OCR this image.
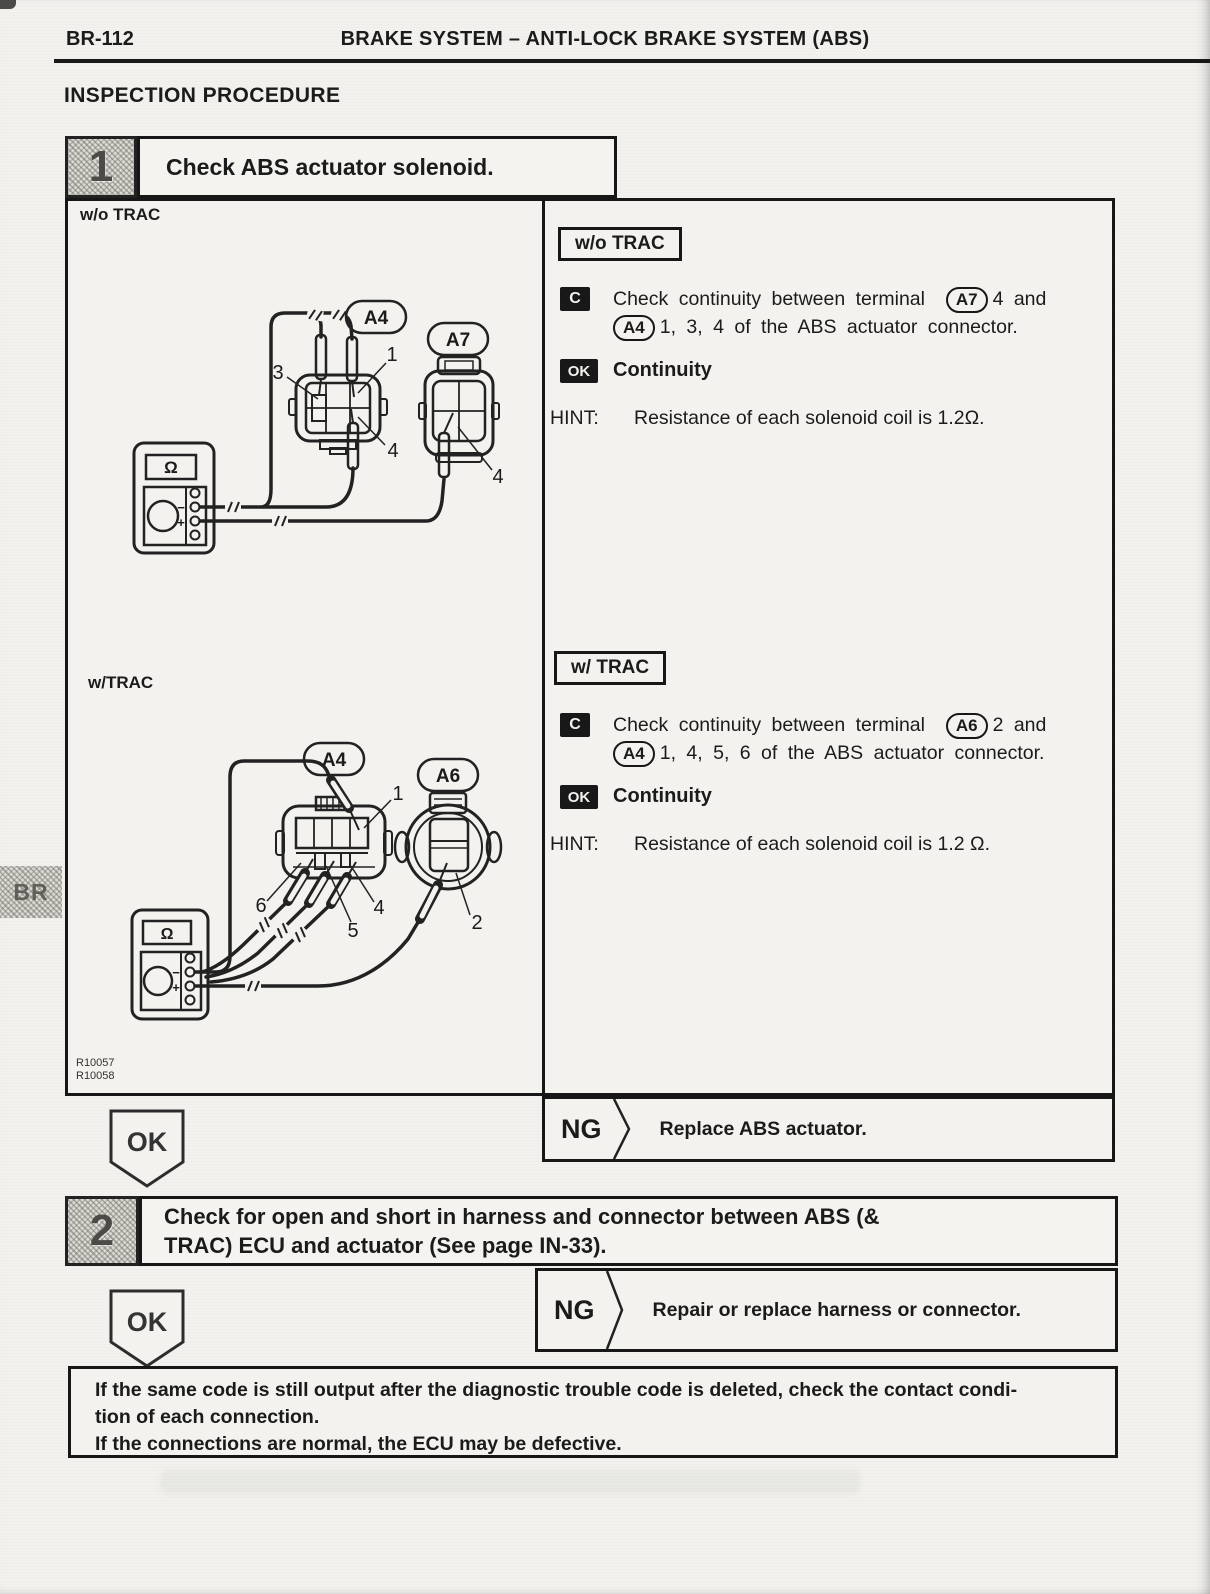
BR-112	BRAKE SYSTEM – ANTI-LOCK BRAKE SYSTEM (ABS)
INSPECTION PROCEDURE
1	Check ABS actuator solenoid.
w/o TRAC
Ω
−
+
A4
A7
3
1
4
4
w/TRAC
Ω
−
+
A4
A6
1
6
5
4
2
R10057
R10058
w/o TRAC
C Check continuity between terminal A7 4 and
A4 1, 3, 4 of the ABS actuator connector.
OK Continuity
HINT: Resistance of each solenoid coil is 1.2Ω.
w/ TRAC
C Check continuity between terminal A6 2 and
A4 1, 4, 5, 6 of the ABS actuator connector.
OK Continuity
HINT: Resistance of each solenoid coil is 1.2 Ω.
NG	Replace ABS actuator.
OK
2 Check for open and short in harness and connector between ABS (&
TRAC) ECU and actuator (See page IN-33).
NG	Repair or replace harness or connector.
OK
If the same code is still output after the diagnostic trouble code is deleted, check the contact condi-
tion of each connection.
If the connections are normal, the ECU may be defective.
BR
